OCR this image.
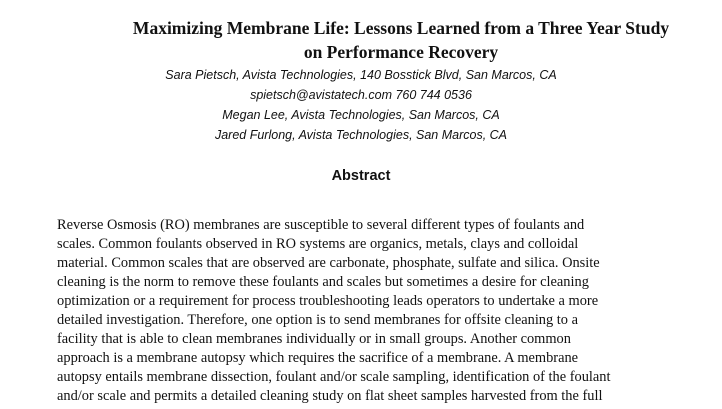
Maximizing Membrane Life: Lessons Learned from a Three Year Study
on Performance Recovery
Sara Pietsch, Avista Technologies, 140 Bosstick Blvd, San Marcos, CA
spietsch@avistatech.com 760 744 0536
Megan Lee, Avista Technologies, San Marcos, CA
Jared Furlong, Avista Technologies, San Marcos, CA
Abstract
Reverse Osmosis (RO) membranes are susceptible to several different types of foulants and
scales. Common foulants observed in RO systems are organics, metals, clays and colloidal
material. Common scales that are observed are carbonate, phosphate, sulfate and silica. Onsite
cleaning is the norm to remove these foulants and scales but sometimes a desire for cleaning
optimization or a requirement for process troubleshooting leads operators to undertake a more
detailed investigation. Therefore, one option is to send membranes for offsite cleaning to a
facility that is able to clean membranes individually or in small groups. Another common
approach is a membrane autopsy which requires the sacrifice of a membrane. A membrane
autopsy entails membrane dissection, foulant and/or scale sampling, identification of the foulant
and/or scale and permits a detailed cleaning study on flat sheet samples harvested from the full
